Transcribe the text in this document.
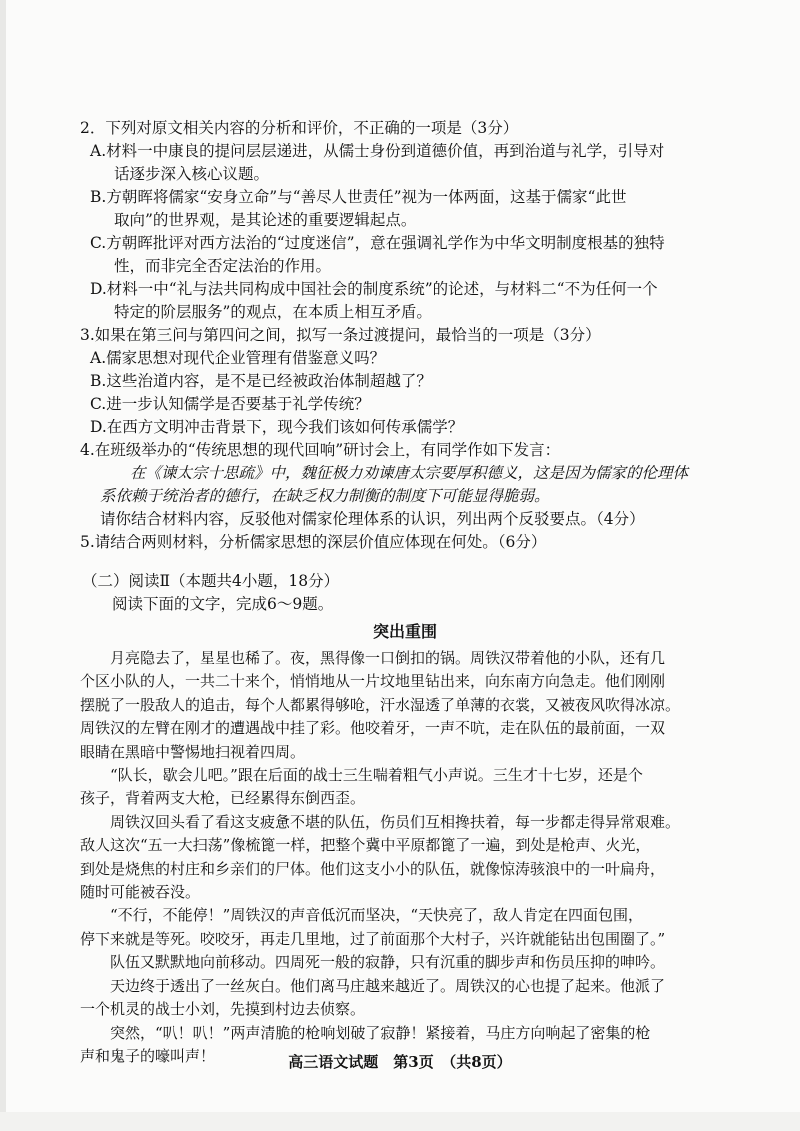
2．下列对原文相关内容的分析和评价，不正确的一项是（3分）
A.材料一中康良的提问层层递进，从儒士身份到道德价值，再到治道与礼学，引导对
话逐步深入核心议题。
B.方朝晖将儒家“安身立命”与“善尽人世责任”视为一体两面，这基于儒家“此世
取向”的世界观，是其论述的重要逻辑起点。
C.方朝晖批评对西方法治的“过度迷信”，意在强调礼学作为中华文明制度根基的独特
性，而非完全否定法治的作用。
D.材料一中“礼与法共同构成中国社会的制度系统”的论述，与材料二“不为任何一个
特定的阶层服务”的观点，在本质上相互矛盾。
3.如果在第三问与第四问之间，拟写一条过渡提问，最恰当的一项是（3分）
A.儒家思想对现代企业管理有借鉴意义吗？
B.这些治道内容，是不是已经被政治体制超越了？
C.进一步认知儒学是否要基于礼学传统？
D.在西方文明冲击背景下，现今我们该如何传承儒学？
4.在班级举办的“传统思想的现代回响”研讨会上，有同学作如下发言：
在《谏太宗十思疏》中，魏征极力劝谏唐太宗要厚积德义，这是因为儒家的伦理体
系依赖于统治者的德行，在缺乏权力制衡的制度下可能显得脆弱。
请你结合材料内容，反驳他对儒家伦理体系的认识，列出两个反驳要点。（4分）
5.请结合两则材料，分析儒家思想的深层价值应体现在何处。（6分）
（二）阅读Ⅱ（本题共4小题，18分）
阅读下面的文字，完成6～9题。
突出重围
月亮隐去了，星星也稀了。夜，黑得像一口倒扣的锅。周铁汉带着他的小队，还有几
个区小队的人，一共二十来个，悄悄地从一片坟地里钻出来，向东南方向急走。他们刚刚
摆脱了一股敌人的追击，每个人都累得够呛，汗水湿透了单薄的衣裳，又被夜风吹得冰凉。
周铁汉的左臂在刚才的遭遇战中挂了彩。他咬着牙，一声不吭，走在队伍的最前面，一双
眼睛在黑暗中警惕地扫视着四周。
“队长，歇会儿吧。”跟在后面的战士三生喘着粗气小声说。三生才十七岁，还是个
孩子，背着两支大枪，已经累得东倒西歪。
周铁汉回头看了看这支疲惫不堪的队伍，伤员们互相搀扶着，每一步都走得异常艰难。
敌人这次“五一大扫荡”像梳篦一样，把整个冀中平原都篦了一遍，到处是枪声、火光，
到处是烧焦的村庄和乡亲们的尸体。他们这支小小的队伍，就像惊涛骇浪中的一叶扁舟，
随时可能被吞没。
“不行，不能停！”周铁汉的声音低沉而坚决，“天快亮了，敌人肯定在四面包围，
停下来就是等死。咬咬牙，再走几里地，过了前面那个大村子，兴许就能钻出包围圈了。”
队伍又默默地向前移动。四周死一般的寂静，只有沉重的脚步声和伤员压抑的呻吟。
天边终于透出了一丝灰白。他们离马庄越来越近了。周铁汉的心也提了起来。他派了
一个机灵的战士小刘，先摸到村边去侦察。
突然，“叭！叭！”两声清脆的枪响划破了寂静！紧接着，马庄方向响起了密集的枪
声和鬼子的嚎叫声！	高三语文试题　第3页　（共8页）
